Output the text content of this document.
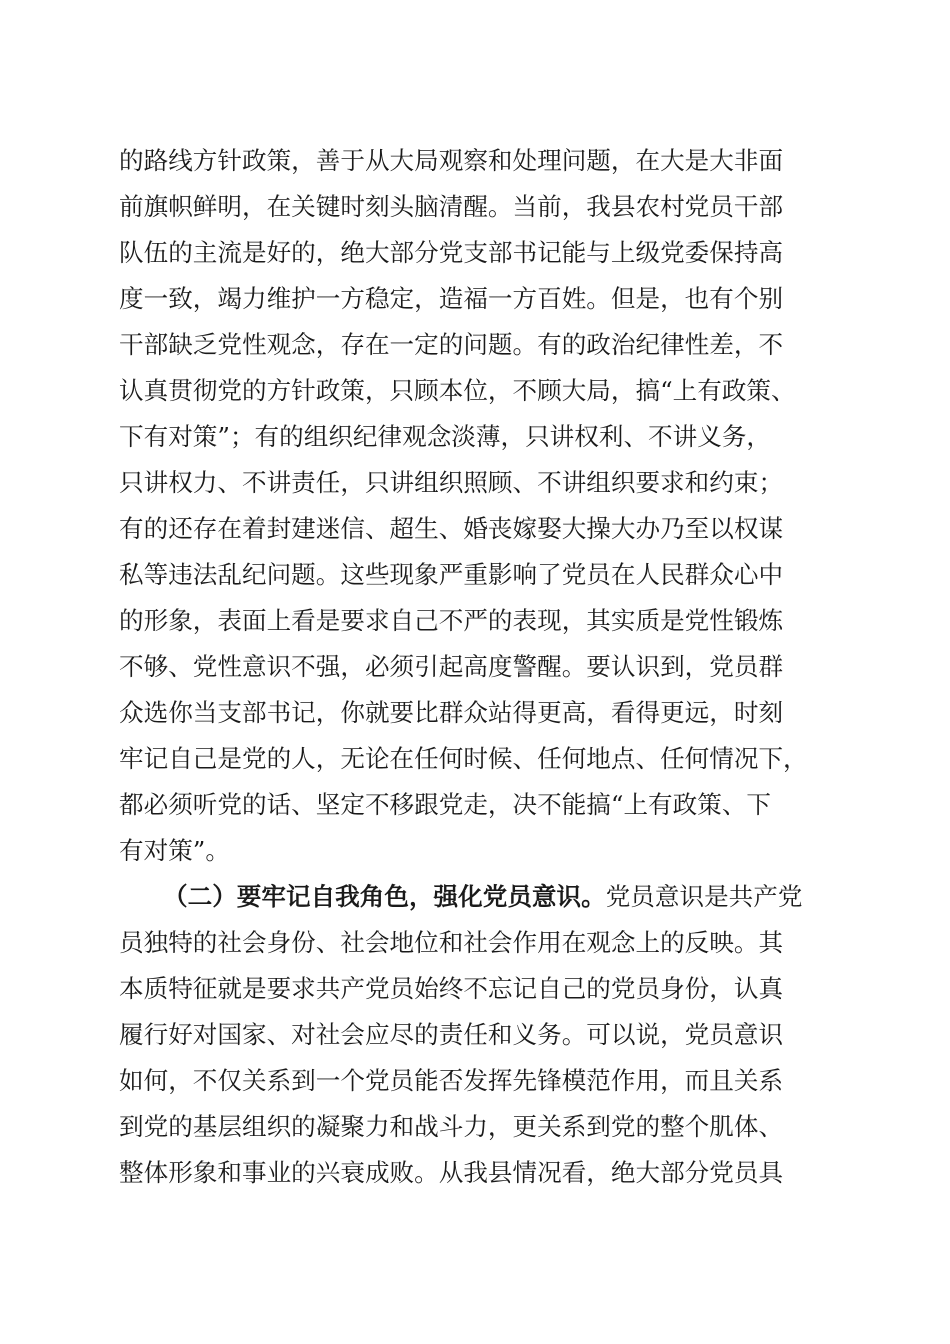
的路线方针政策，善于从大局观察和处理问题，在大是大非面
前旗帜鲜明，在关键时刻头脑清醒。当前，我县农村党员干部
队伍的主流是好的，绝大部分党支部书记能与上级党委保持高
度一致，竭力维护一方稳定，造福一方百姓。但是，也有个别
干部缺乏党性观念，存在一定的问题。有的政治纪律性差，不
认真贯彻党的方针政策，只顾本位，不顾大局，搞“上有政策、
下有对策”；有的组织纪律观念淡薄，只讲权利、不讲义务，
只讲权力、不讲责任，只讲组织照顾、不讲组织要求和约束；
有的还存在着封建迷信、超生、婚丧嫁娶大操大办乃至以权谋
私等违法乱纪问题。这些现象严重影响了党员在人民群众心中
的形象，表面上看是要求自己不严的表现，其实质是党性锻炼
不够、党性意识不强，必须引起高度警醒。要认识到，党员群
众选你当支部书记，你就要比群众站得更高，看得更远，时刻
牢记自己是党的人，无论在任何时候、任何地点、任何情况下，
都必须听党的话、坚定不移跟党走，决不能搞“上有政策、下
有对策”。
（二）要牢记自我角色，强化党员意识。党员意识是共产党
员独特的社会身份、社会地位和社会作用在观念上的反映。其
本质特征就是要求共产党员始终不忘记自己的党员身份，认真
履行好对国家、对社会应尽的责任和义务。可以说，党员意识
如何，不仅关系到一个党员能否发挥先锋模范作用，而且关系
到党的基层组织的凝聚力和战斗力，更关系到党的整个肌体、
整体形象和事业的兴衰成败。从我县情况看，绝大部分党员具
